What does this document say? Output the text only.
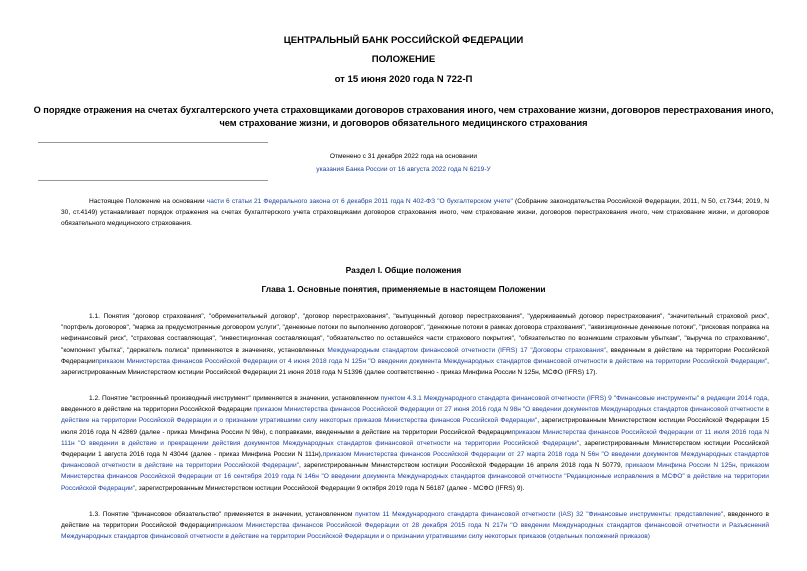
ЦЕНТРАЛЬНЫЙ БАНК РОССИЙСКОЙ ФЕДЕРАЦИИ
ПОЛОЖЕНИЕ
от 15 июня 2020 года N 722-П
О порядке отражения на счетах бухгалтерского учета страховщиками договоров страхования иного, чем страхование жизни, договоров перестрахования иного,
чем страхование жизни, и договоров обязательного медицинского страхования
Отменено с 31 декабря 2022 года на основании
указания Банка России от 16 августа 2022 года N 6219-У

Настоящее Положение на основании части 6 статьи 21 Федерального закона от 6 декабря 2011 года N 402-ФЗ "О бухгалтерском учете" (Собрание законодательства Российской Федерации, 2011, N 50, ст.7344; 2019, N 30, ст.4149) устанавливает порядок отражения на счетах бухгалтерского учета страховщиками договоров страхования иного, чем страхование жизни, договоров перестрахования иного, чем страхование жизни, и договоров обязательного медицинского страхования.

Раздел I. Общие положения
Глава 1. Основные понятия, применяемые в настоящем Положении

1.1. Понятия "договор страхования", "обременительный договор", "договор перестрахования", "выпущенный договор перестрахования", "удерживаемый договор перестрахования", "значительный страховой риск", "портфель договоров", "маржа за предусмотренные договором услуги", "денежные потоки по выполнению договоров", "денежные потоки в рамках договора страхования", "аквизиционные денежные потоки", "рисковая поправка на нефинансовый риск", "страховая составляющая", "инвестиционная составляющая", "обязательство по оставшейся части страхового покрытия", "обязательство по возникшим страховым убыткам", "выручка по страхованию", "компонент убытка", "держатель полиса" применяются в значениях, установленных Международным стандартом финансовой отчетности (IFRS) 17 "Договоры страхования", введенным в действие на территории Российской Федерацииприказом Министерства финансов Российской Федерации от 4 июня 2018 года N 125н "О введении документа Международных стандартов финансовой отчетности в действие на территории Российской Федерации", зарегистрированным Министерством юстиции Российской Федерации 21 июня 2018 года N 51396 (далее соответственно - приказ Минфина России N 125н, МСФО (IFRS) 17).

1.2. Понятие "встроенный производный инструмент" применяется в значении, установленном пунктом 4.3.1 Международного стандарта финансовой отчетности (IFRS) 9 "Финансовые инструменты" в редакции 2014 года, введенного в действие на территории Российской Федерации приказом Министерства финансов Российской Федерации от 27 июня 2016 года N 98н "О введении документов Международных стандартов финансовой отчетности в действие на территории Российской Федерации и о признании утратившими силу некоторых приказов Министерства финансов Российской Федерации", зарегистрированным Министерством юстиции Российской Федерации 15 июля 2016 года N 42869 (далее - приказ Минфина России N 98н), с поправками, введенными в действие на территории Российской Федерацииприказом Министерства финансов Российской Федерации от 11 июля 2016 года N 111н "О введении в действие и прекращении действия документов Международных стандартов финансовой отчетности на территории Российской Федерации", зарегистрированным Министерством юстиции Российской Федерации 1 августа 2016 года N 43044 (далее - приказ Минфина России N 111н),приказом Министерства финансов Российской Федерации от 27 марта 2018 года N 56н "О введении документов Международных стандартов финансовой отчетности в действие на территории Российской Федерации", зарегистрированным Министерством юстиции Российской Федерации 16 апреля 2018 года N 50779, приказом Минфина России N 125н, приказом Министерства финансов Российской Федерации от 16 сентября 2019 года N 146н "О введении документа Международных стандартов финансовой отчетности "Редакционные исправления в МСФО" в действие на территории Российской Федерации", зарегистрированным Министерством юстиции Российской Федерации 9 октября 2019 года N 56187 (далее - МСФО (IFRS) 9).

1.3. Понятие "финансовое обязательство" применяется в значении, установленном пунктом 11 Международного стандарта финансовой отчетности (IAS) 32 "Финансовые инструменты: представление", введенного в действие на территории Российской Федерацииприказом Министерства финансов Российской Федерации от 28 декабря 2015 года N 217н "О введении Международных стандартов финансовой отчетности и Разъяснений Международных стандартов финансовой отчетности в действие на территории Российской Федерации и о признании утратившими силу некоторых приказов (отдельных положений приказов)
